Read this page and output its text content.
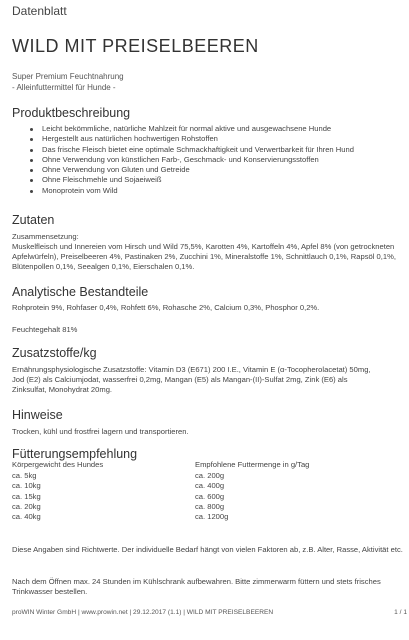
Datenblatt
WILD MIT PREISELBEEREN
Super Premium Feuchtnahrung
- Alleinfuttermittel für Hunde -
Produktbeschreibung
Leicht bekömmliche, natürliche Mahlzeit für normal aktive und ausgewachsene Hunde
Hergestellt aus natürlichen hochwertigen Rohstoffen
Das frische Fleisch bietet eine optimale Schmackhaftigkeit und Verwertbarkeit für Ihren Hund
Ohne Verwendung von künstlichen Farb-, Geschmack- und Konservierungsstoffen
Ohne Verwendung von Gluten und Getreide
Ohne Fleischmehle und Sojaeiweiß
Monoprotein vom Wild
Zutaten
Zusammensetzung:
Muskelfleisch und Innereien vom Hirsch und Wild 75,5%, Karotten 4%, Kartoffeln 4%, Apfel 8% (von getrockneten Apfelwürfeln), Preiselbeeren 4%, Pastinaken 2%, Zucchini 1%, Mineralstoffe 1%, Schnittlauch 0,1%, Rapsöl 0,1%, Blütenpollen 0,1%, Seealgen 0,1%, Eierschalen 0,1%.
Analytische Bestandteile
Rohprotein 9%, Rohfaser 0,4%, Rohfett 6%, Rohasche 2%, Calcium 0,3%, Phosphor 0,2%.
Feuchtegehalt 81%
Zusatzstoffe/kg
Ernährungsphysiologische Zusatzstoffe: Vitamin D3 (E671) 200 I.E., Vitamin E (α-Tocopherolacetat) 50mg,
Jod (E2) als Calciumjodat, wasserfrei 0,2mg, Mangan (E5) als Mangan-(II)-Sulfat 2mg, Zink (E6) als
Zinksulfat, Monohydrat 20mg.
Hinweise
Trocken, kühl und frostfrei lagern und transportieren.
Fütterungsempfehlung
Körpergewicht des Hundes
ca. 5kg
ca. 10kg
ca. 15kg
ca. 20kg
ca. 40kg
Empfohlene Futtermenge in g/Tag
ca. 200g
ca. 400g
ca. 600g
ca. 800g
ca. 1200g
Diese Angaben sind Richtwerte. Der individuelle Bedarf hängt von vielen Faktoren ab, z.B. Alter, Rasse, Aktivität etc.
Nach dem Öffnen max. 24 Stunden im Kühlschrank aufbewahren. Bitte zimmerwarm füttern und stets frisches Trinkwasser bestellen.
proWIN Winter GmbH | www.prowin.net | 29.12.2017 (1.1) | WILD MIT PREISELBEEREN	1 / 1
